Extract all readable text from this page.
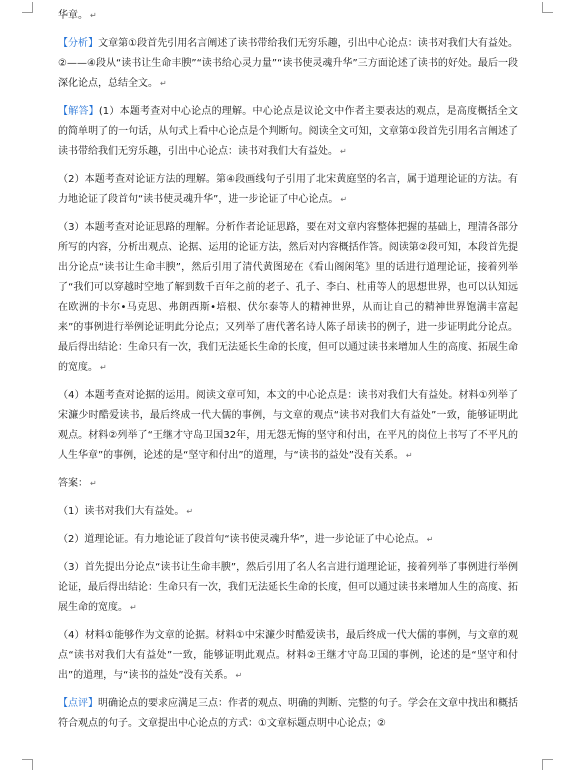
华章。 ↵

【分析】文章第①段首先引用名言阐述了读书带给我们无穷乐趣，引出中心论点：读书对我们大有益处。②——④段从“读书让生命丰腴”“读书给心灵力量”“读书使灵魂升华”三方面论述了读书的好处。最后一段深化论点，总结全文。 ↵

【解答】(1）本题考查对中心论点的理解。中心论点是议论文中作者主要表达的观点，是高度概括全文的简单明了的一句话，从句式上看中心论点是个判断句。阅读全文可知，文章第①段首先引用名言阐述了读书带给我们无穷乐趣，引出中心论点：读书对我们大有益处。 ↵

（2）本题考查对论证方法的理解。第④段画线句子引用了北宋黄庭坚的名言，属于道理论证的方法。有力地论证了段首句“读书使灵魂升华”，进一步论证了中心论点。 ↵

（3）本题考查对论证思路的理解。分析作者论证思路，要在对文章内容整体把握的基础上，理清各部分所写的内容，分析出观点、论据、运用的论证方法，然后对内容概括作答。阅读第②段可知，本段首先提出分论点“读书让生命丰腴”，然后引用了清代黄图珌在《看山阁闲笔》里的话进行道理论证，接着列举了“我们可以穿越时空地了解到数千百年之前的老子、孔子、李白、杜甫等人的思想世界，也可以认知远在欧洲的卡尔•马克思、弗朗西斯•培根、伏尔泰等人的精神世界，从而让自己的精神世界饱满丰富起来”的事例进行举例论证明此分论点；又列举了唐代著名诗人陈子昂读书的例子，进一步证明此分论点。最后得出结论：生命只有一次，我们无法延长生命的长度，但可以通过读书来增加人生的高度、拓展生命的宽度。 ↵

（4）本题考查对论据的运用。阅读文章可知，本文的中心论点是：读书对我们大有益处。材料①列举了宋濂少时酷爱读书，最后终成一代大儒的事例，与文章的观点“读书对我们大有益处”一致，能够证明此观点。材料②列举了“王继才守岛卫国32年，用无怨无悔的坚守和付出，在平凡的岗位上书写了不平凡的人生华章”的事例，论述的是“坚守和付出”的道理，与“读书的益处”没有关系。 ↵

答案： ↵

（1）读书对我们大有益处。 ↵

（2）道理论证。有力地论证了段首句“读书使灵魂升华”，进一步论证了中心论点。 ↵

（3）首先提出分论点“读书让生命丰腴”，然后引用了名人名言进行道理论证，接着列举了事例进行举例论证，最后得出结论：生命只有一次，我们无法延长生命的长度，但可以通过读书来增加人生的高度、拓展生命的宽度。 ↵

（4）材料①能够作为文章的论据。材料①中宋濂少时酷爱读书，最后终成一代大儒的事例，与文章的观点“读书对我们大有益处”一致，能够证明此观点。材料②王继才守岛卫国的事例，论述的是“坚守和付出”的道理，与“读书的益处”没有关系。 ↵

【点评】明确论点的要求应满足三点：作者的观点、明确的判断、完整的句子。学会在文章中找出和概括符合观点的句子。文章提出中心论点的方式：①文章标题点明中心论点；②
